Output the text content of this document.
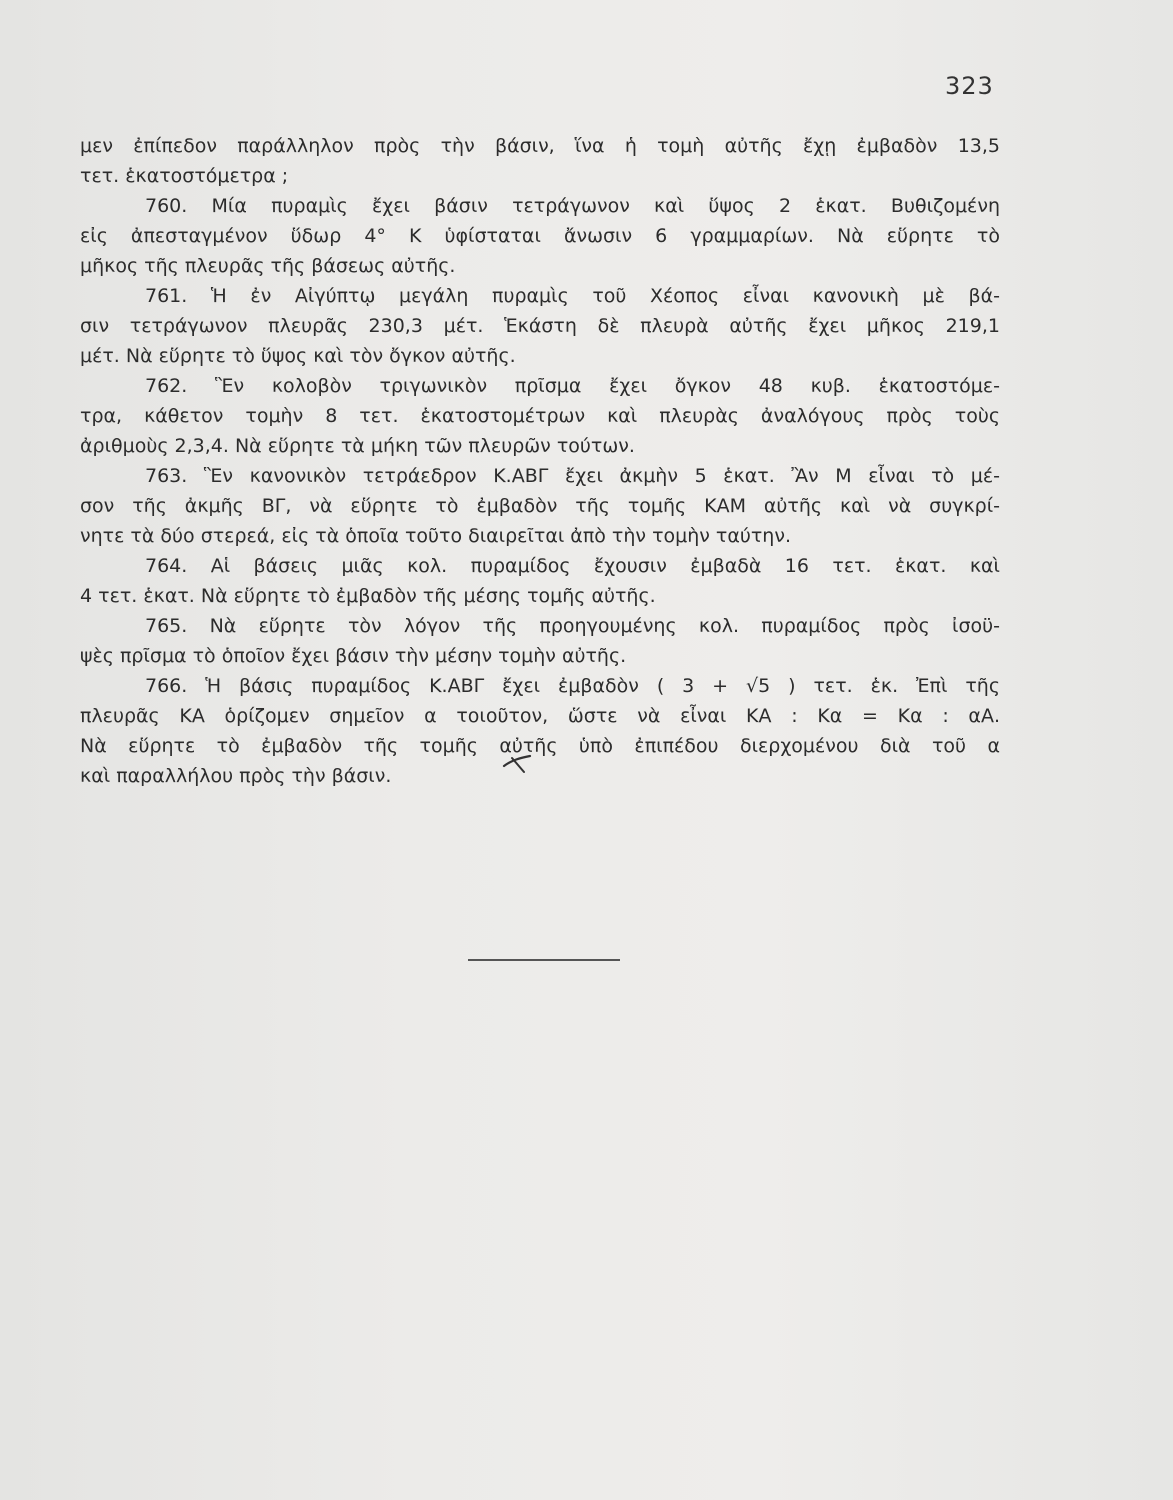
323
μεν ἐπίπεδον παράλληλον πρὸς τὴν βάσιν, ἵνα ἡ τομὴ αὐτῆς ἔχῃ ἐμβαδὸν 13,5
τετ. ἑκατοστόμετρα ;
760. Μία πυραμὶς ἔχει βάσιν τετράγωνον καὶ ὕψος 2 ἑκατ. Βυθιζομένη
εἰς ἀπεσταγμένον ὕδωρ 4° Κ ὑφίσταται ἄνωσιν 6 γραμμαρίων. Νὰ εὕρητε τὸ
μῆκος τῆς πλευρᾶς τῆς βάσεως αὐτῆς.
761. Ἡ ἐν Αἰγύπτῳ μεγάλη πυραμὶς τοῦ Χέοπος εἶναι κανονικὴ μὲ βά-
σιν τετράγωνον πλευρᾶς 230,3 μέτ. Ἑκάστη δὲ πλευρὰ αὐτῆς ἔχει μῆκος 219,1
μέτ. Νὰ εὕρητε τὸ ὕψος καὶ τὸν ὄγκον αὐτῆς.
762. Ἓν κολοβὸν τριγωνικὸν πρῖσμα ἔχει ὄγκον 48 κυβ. ἑκατοστόμε-
τρα, κάθετον τομὴν 8 τετ. ἑκατοστομέτρων καὶ πλευρὰς ἀναλόγους πρὸς τοὺς
ἀριθμοὺς 2,3,4. Νὰ εὕρητε τὰ μήκη τῶν πλευρῶν τούτων.
763. Ἓν κανονικὸν τετράεδρον Κ.ΑΒΓ ἔχει ἀκμὴν 5 ἑκατ. Ἂν Μ εἶναι τὸ μέ-
σον τῆς ἀκμῆς ΒΓ, νὰ εὕρητε τὸ ἐμβαδὸν τῆς τομῆς ΚΑΜ αὐτῆς καὶ νὰ συγκρί-
νητε τὰ δύο στερεά, εἰς τὰ ὁποῖα τοῦτο διαιρεῖται ἀπὸ τὴν τομὴν ταύτην.
764. Αἱ βάσεις μιᾶς κολ. πυραμίδος ἔχουσιν ἐμβαδὰ 16 τετ. ἑκατ. καὶ
4 τετ. ἑκατ. Νὰ εὕρητε τὸ ἐμβαδὸν τῆς μέσης τομῆς αὐτῆς.
765. Νὰ εὕρητε τὸν λόγον τῆς προηγουμένης κολ. πυραμίδος πρὸς ἰσοϋ-
ψὲς πρῖσμα τὸ ὁποῖον ἔχει βάσιν τὴν μέσην τομὴν αὐτῆς.
766. Ἡ βάσις πυραμίδος Κ.ΑΒΓ ἔχει ἐμβαδὸν ( 3 + √5 ) τετ. ἑκ. Ἐπὶ τῆς
πλευρᾶς ΚΑ ὁρίζομεν σημεῖον α τοιοῦτον, ὥστε νὰ εἶναι ΚΑ : Κα = Κα : αΑ.
Νὰ εὕρητε τὸ ἐμβαδὸν τῆς τομῆς αὐτῆς ὑπὸ ἐπιπέδου διερχομένου διὰ τοῦ α
καὶ παραλλήλου πρὸς τὴν βάσιν.
